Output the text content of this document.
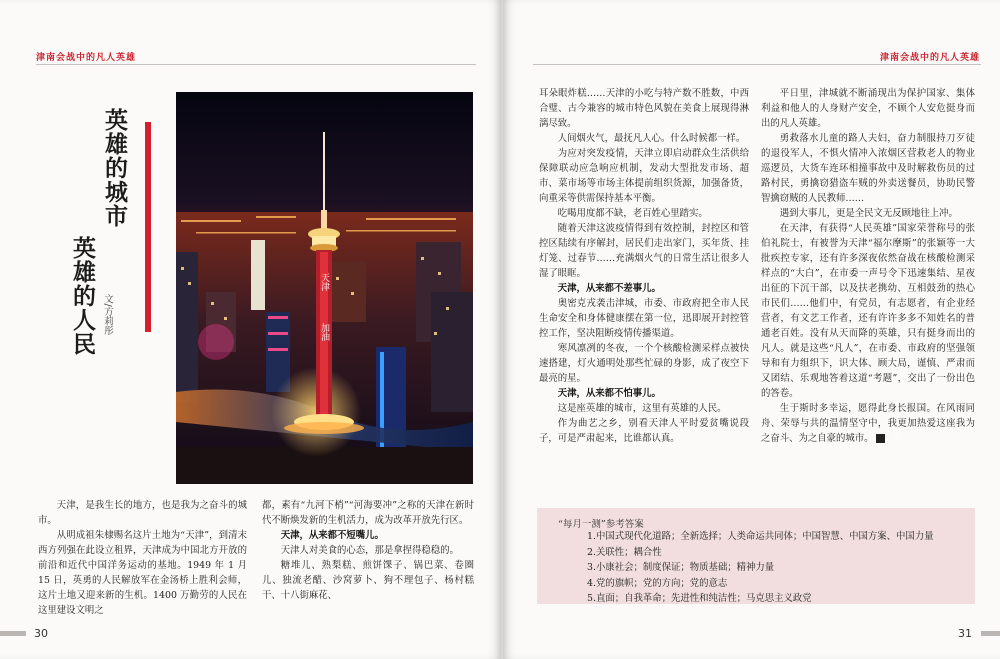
津南会战中的凡人英雄
英雄的城市
英雄的人民 文/方莉彤
天津
加油

天津，是我生长的地方，也是我为之奋斗的城市。

从明成祖朱棣赐名这片土地为“天津”，到清末西方列强在此设立租界，天津成为中国北方开放的前沿和近代中国洋务运动的基地。1949 年 1 月 15 日，英勇的人民解放军在金汤桥上胜利会师，这片土地又迎来新的生机。1400 万勤劳的人民在这里建设文明之

都，素有“九河下梢”“河海要冲”之称的天津在新时代不断焕发新的生机活力，成为改革开放先行区。

天津，从来都不短嘴儿。

天津人对美食的心态，那是拿捏得稳稳的。

糖堆儿、熟梨糕、煎饼馃子、锅巴菜、卷圈儿、独流老醋、沙窝萝卜、狗不理包子、杨村糕干、十八街麻花、

30
津南会战中的凡人英雄

耳朵眼炸糕……天津的小吃与特产数不胜数，中西合璧、古今兼容的城市特色风貌在美食上展现得淋漓尽致。

人间烟火气，最抚凡人心。什么时候都一样。

为应对突发疫情，天津立即启动群众生活供给保障联动应急响应机制，发动大型批发市场、超市、菜市场等市场主体提前组织货源，加强备货，向重采等供需保持基本平衡。

吃喝用度都不缺，老百姓心里踏实。

随着天津这波疫情得到有效控制，封控区和管控区陆续有序解封，居民们走出家门，买年货、挂灯笼、过春节……充满烟火气的日常生活让很多人湿了眼眶。

天津，从来都不差事儿。

奥密克戎袭击津城，市委、市政府把全市人民生命安全和身体健康摆在第一位，迅即展开封控管控工作，坚决阻断疫情传播渠道。

寒风凛冽的冬夜，一个个核酸检测采样点被快速搭建，灯火通明处那些忙碌的身影，成了夜空下最亮的星。

天津，从来都不怕事儿。

这是座英雄的城市，这里有英雄的人民。

作为曲艺之乡，别看天津人平时爱贫嘴说段子，可是严肃起来，比谁都认真。

平日里，津城就不断涌现出为保护国家、集体利益和他人的人身财产安全，不顾个人安危挺身而出的凡人英雄。

勇救落水儿童的路人夫妇，奋力制服持刀歹徒的退役军人，不惧火情冲入浓烟区营救老人的物业巡逻员，大货车连环相撞事故中及时解救伤员的过路村民，勇擒窃猎盗车贼的外卖送餐员，协助民警智擒窃贼的人民教师……

遇到大事儿，更是全民文无反顾地往上冲。

在天津，有获得“人民英雄”国家荣誉称号的张伯礼院士，有被誉为天津“福尔摩斯”的张颖等一大批疾控专家，还有许多深夜依然奋战在核酸检测采样点的“大白”，在市委一声号令下迅速集结、星夜出征的下沉干部，以及扶老携幼、互相鼓劲的热心市民们……他们中，有党员，有志愿者，有企业经营者，有文艺工作者，还有许许多多不知姓名的普通老百姓。没有从天而降的英雄，只有挺身而出的凡人。就是这些“凡人”，在市委、市政府的坚强领导和有力组织下，识大体、顾大局，谨慎、严肃而又团结、乐观地答着这道“考题”，交出了一份出色的答卷。

生于斯时多幸运，愿得此身长报国。在风雨同舟、荣辱与共的温情坚守中，我更加热爱这座我为之奋斗、为之自豪的城市。	尾

“每月一测”参考答案
1.中国式现代化道路；全新选择；人类命运共同体；中国智慧、中国方案、中国力量
2.关联性；耦合性
3.小康社会；制度保证；物质基础；精神力量
4.党的旗帜；党的方向；党的意志
5.直面；自我革命；先进性和纯洁性；马克思主义政党
31
